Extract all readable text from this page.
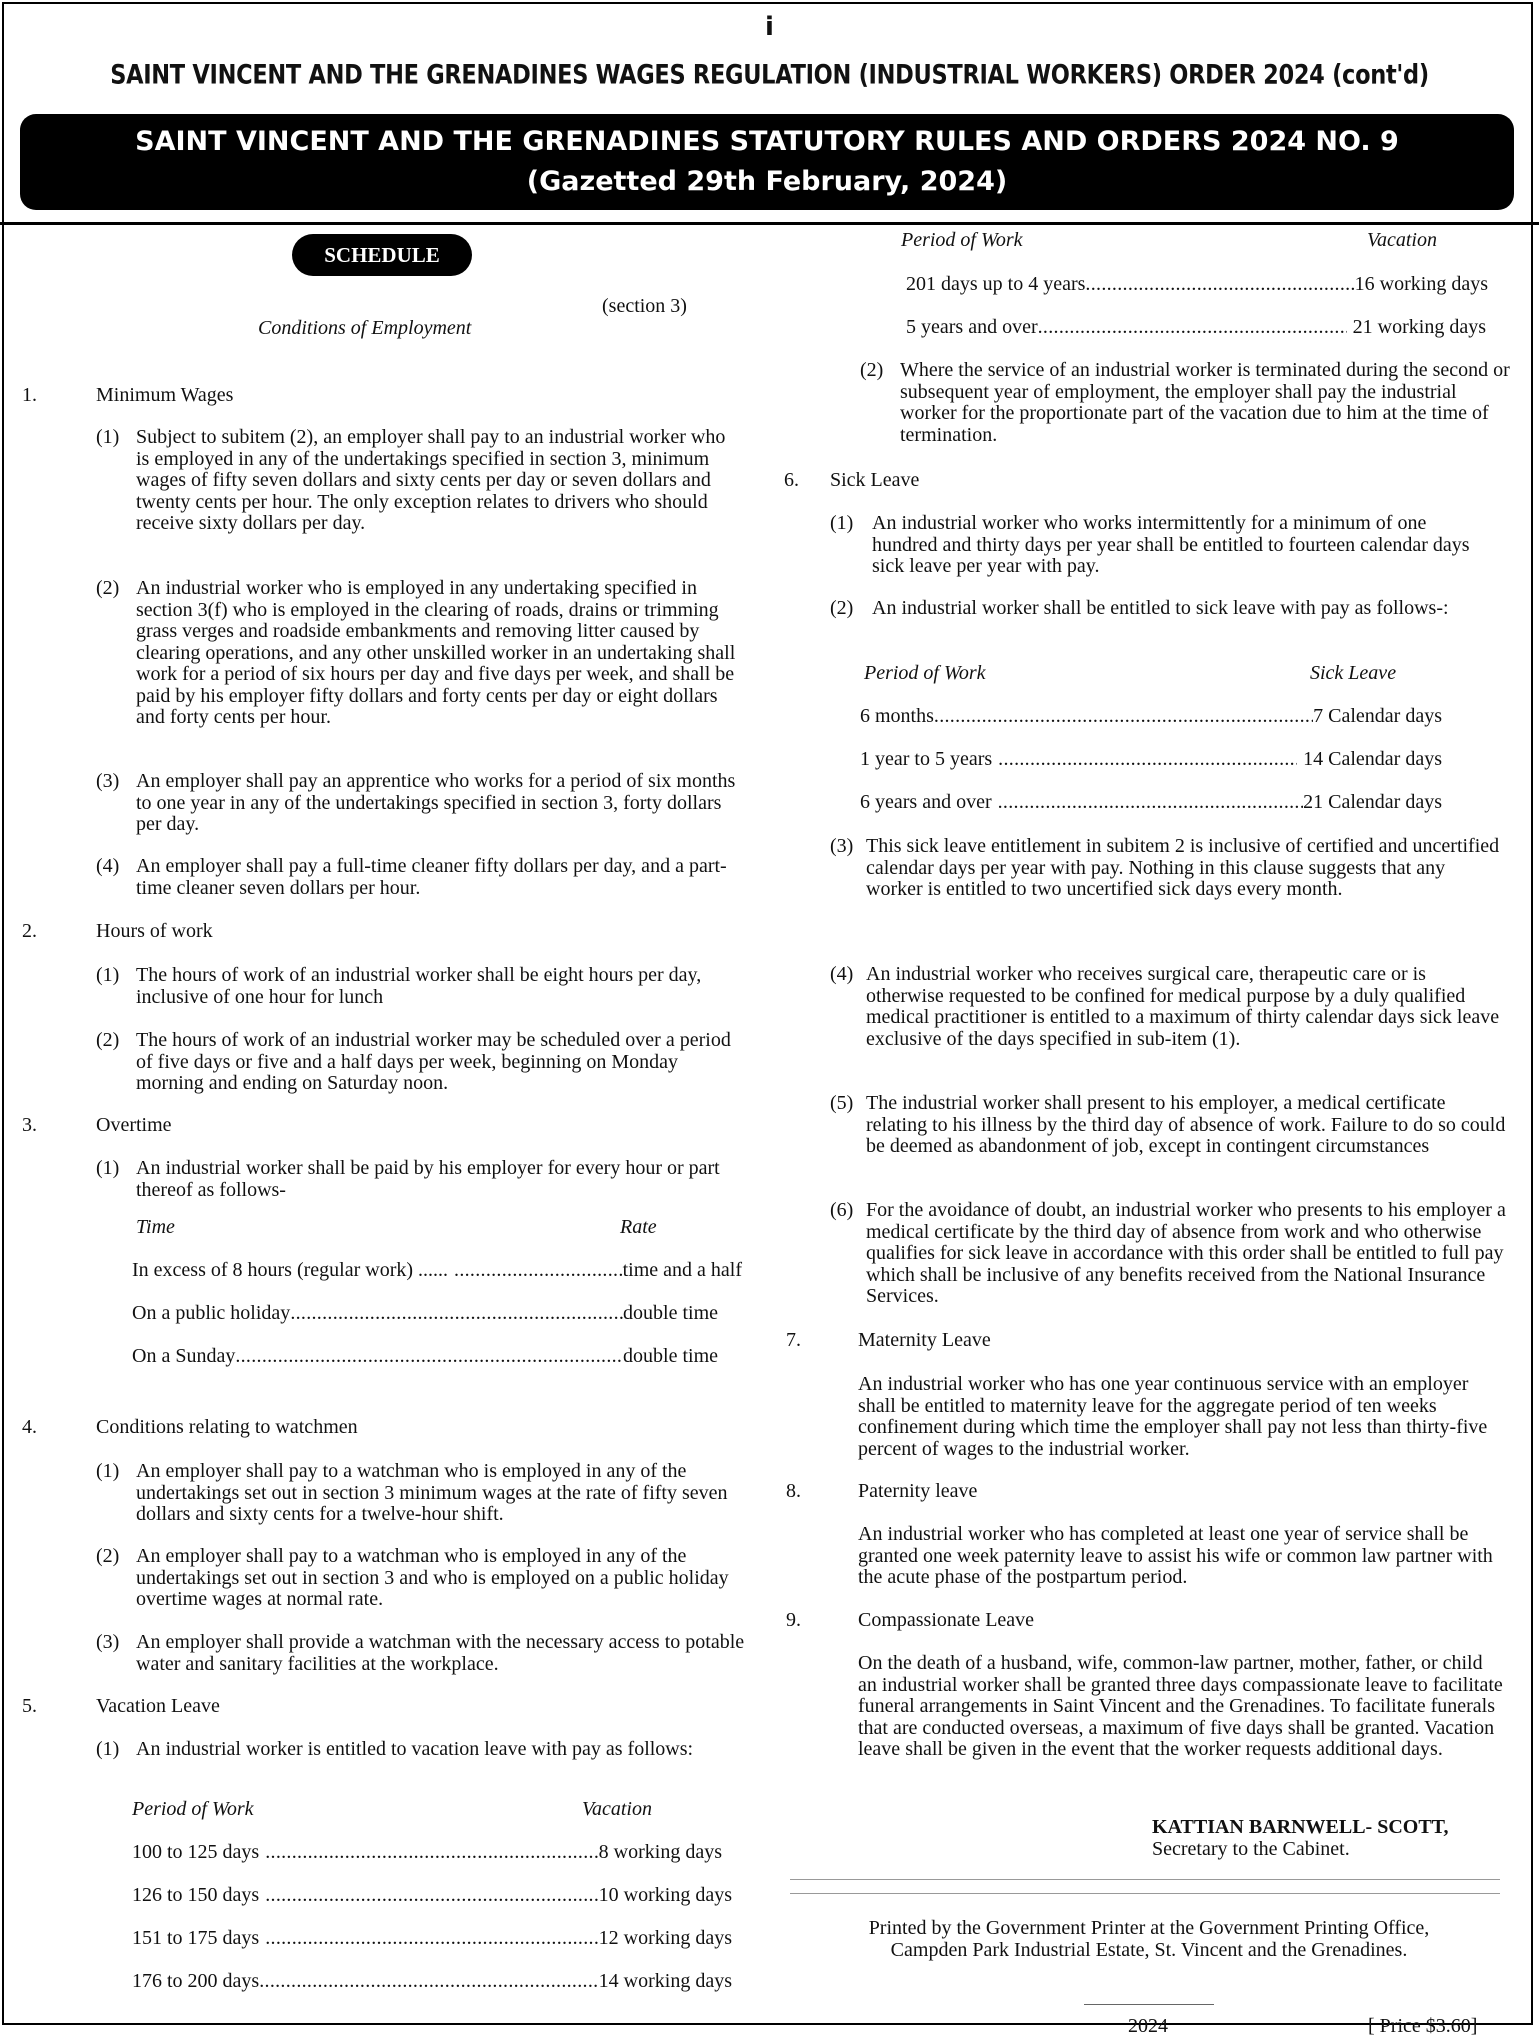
i
SAINT VINCENT AND THE GRENADINES WAGES REGULATION (INDUSTRIAL WORKERS) ORDER 2024 (cont'd)
SAINT VINCENT AND THE GRENADINES STATUTORY RULES AND ORDERS 2024 NO. 9
(Gazetted 29th February, 2024)
SCHEDULE
(section 3)
Conditions of Employment
1.	Minimum Wages
(1) Subject to subitem (2), an employer shall pay to an industrial worker who is employed in any of the undertakings specified in section 3, minimum wages of fifty seven dollars and sixty cents per day or seven dollars and twenty cents per hour. The only exception relates to drivers who should receive sixty dollars per day.
(2) An industrial worker who is employed in any undertaking specified in section 3(f) who is employed in the clearing of roads, drains or trimming grass verges and roadside embankments and removing litter caused by clearing operations, and any other unskilled worker in an undertaking shall work for a period of six hours per day and five days per week, and shall be paid by his employer fifty dollars and forty cents per day or eight dollars and forty cents per hour.
(3) An employer shall pay an apprentice who works for a period of six months to one year in any of the undertakings specified in section 3, forty dollars per day.
(4) An employer shall pay a full-time cleaner fifty dollars per day, and a part-time cleaner seven dollars per hour.
2.	Hours of work
(1) The hours of work of an industrial worker shall be eight hours per day, inclusive of one hour for lunch
(2) The hours of work of an industrial worker may be scheduled over a period of five days or five and a half days per week, beginning on Monday morning and ending on Saturday noon.
3.	Overtime
(1) An industrial worker shall be paid by his employer for every hour or part thereof as follows-
Time	Rate
In excess of 8 hours (regular work) ...... .....	time and a half
On a public holiday .....	double time
On a Sunday .....	double time
4.	Conditions relating to watchmen
(1) An employer shall pay to a watchman who is employed in any of the undertakings set out in section 3 minimum wages at the rate of fifty seven dollars and sixty cents for a twelve-hour shift.
(2) An employer shall pay to a watchman who is employed in any of the undertakings set out in section 3 and who is employed on a public holiday overtime wages at normal rate.
(3) An employer shall provide a watchman with the necessary access to potable water and sanitary facilities at the workplace.
5.	Vacation Leave
(1) An industrial worker is entitled to vacation leave with pay as follows:
Period of Work	Vacation
100 to 125 days .....	8 working days
126 to 150 days .....	10 working days
151 to 175 days .....	12 working days
176 to 200 days .....	14 working days
Period of Work	Vacation
201 days up to 4 years .....	16 working days
5 years and over .....	21 working days
(2) Where the service of an industrial worker is terminated during the second or subsequent year of employment, the employer shall pay the industrial worker for the proportionate part of the vacation due to him at the time of termination.
6. Sick Leave
(1) An industrial worker who works intermittently for a minimum of one hundred and thirty days per year shall be entitled to fourteen calendar days sick leave per year with pay.
(2) An industrial worker shall be entitled to sick leave with pay as follows-:
Period of Work	Sick Leave
6 months .....	7 Calendar days
1 year to 5 years .....	14 Calendar days
6 years and over .....	21 Calendar days
(3) This sick leave entitlement in subitem 2 is inclusive of certified and uncertified calendar days per year with pay. Nothing in this clause suggests that any worker is entitled to two uncertified sick days every month.
(4) An industrial worker who receives surgical care, therapeutic care or is otherwise requested to be confined for medical purpose by a duly qualified medical practitioner is entitled to a maximum of thirty calendar days sick leave exclusive of the days specified in sub-item (1).
(5) The industrial worker shall present to his employer, a medical certificate relating to his illness by the third day of absence of work. Failure to do so could be deemed as abandonment of job, except in contingent circumstances
(6) For the avoidance of doubt, an industrial worker who presents to his employer a medical certificate by the third day of absence from work and who otherwise qualifies for sick leave in accordance with this order shall be entitled to full pay which shall be inclusive of any benefits received from the National Insurance Services.
7.	Maternity Leave
An industrial worker who has one year continuous service with an employer shall be entitled to maternity leave for the aggregate period of ten weeks confinement during which time the employer shall pay not less than thirty-five percent of wages to the industrial worker.
8.	Paternity leave
An industrial worker who has completed at least one year of service shall be granted one week paternity leave to assist his wife or common law partner with the acute phase of the postpartum period.
9.	Compassionate Leave
On the death of a husband, wife, common-law partner, mother, father, or child an industrial worker shall be granted three days compassionate leave to facilitate funeral arrangements in Saint Vincent and the Grenadines. To facilitate funerals that are conducted overseas, a maximum of five days shall be granted. Vacation leave shall be given in the event that the worker requests additional days.
KATTIAN BARNWELL- SCOTT,
Secretary to the Cabinet.
Printed by the Government Printer at the Government Printing Office,
Campden Park Industrial Estate, St. Vincent and the Grenadines.
2024	[ Price $3.60]
